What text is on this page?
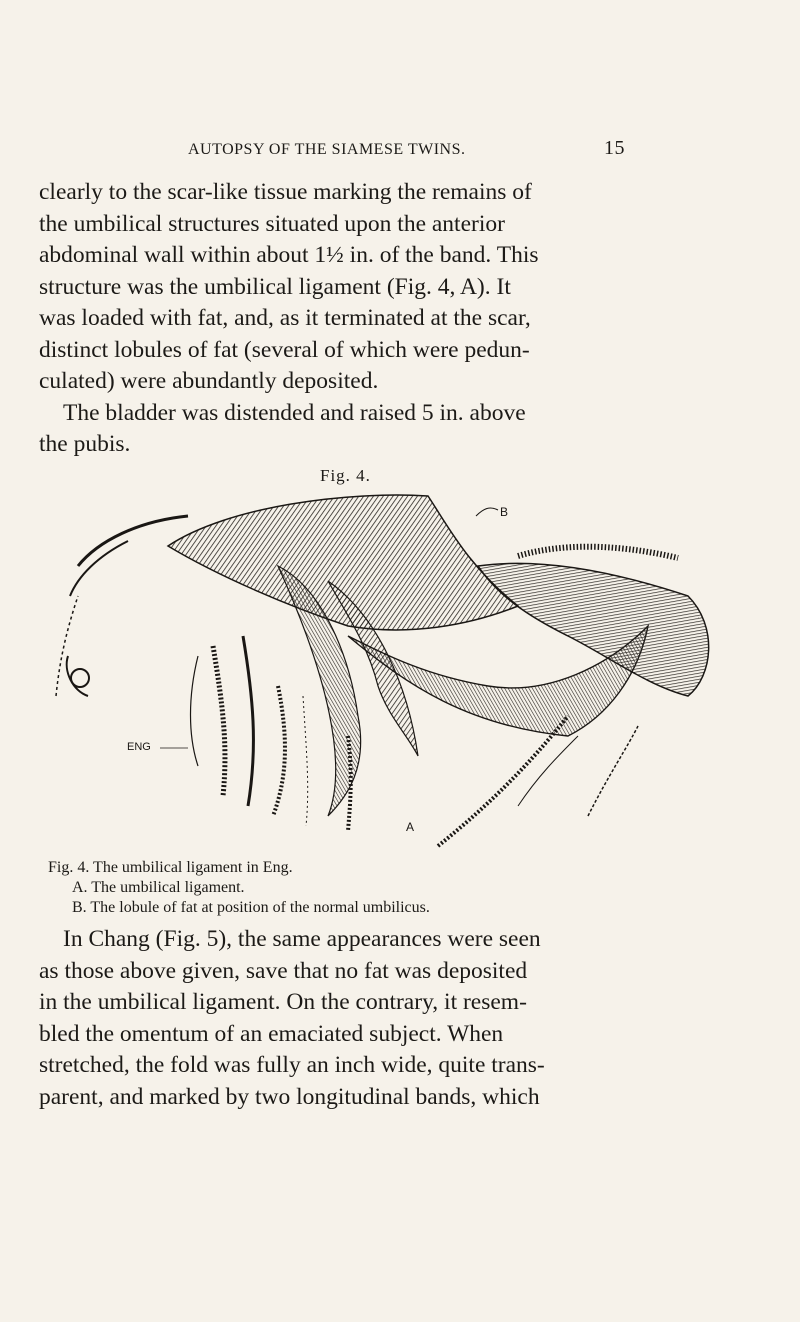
AUTOPSY OF THE SIAMESE TWINS.	15
clearly to the scar-like tissue marking the remains of
the umbilical structures situated upon the anterior
abdominal wall within about 1½ in. of the band. This
structure was the umbilical ligament (Fig. 4, A). It
was loaded with fat, and, as it terminated at the scar,
distinct lobules of fat (several of which were pedun-
culated) were abundantly deposited.
The bladder was distended and raised 5 in. above
the pubis.
Fig. 4.
ENG
A
B
Fig. 4. The umbilical ligament in Eng.
A. The umbilical ligament.
B. The lobule of fat at position of the normal umbilicus.
In Chang (Fig. 5), the same appearances were seen
as those above given, save that no fat was deposited
in the umbilical ligament. On the contrary, it resem-
bled the omentum of an emaciated subject. When
stretched, the fold was fully an inch wide, quite trans-
parent, and marked by two longitudinal bands, which
